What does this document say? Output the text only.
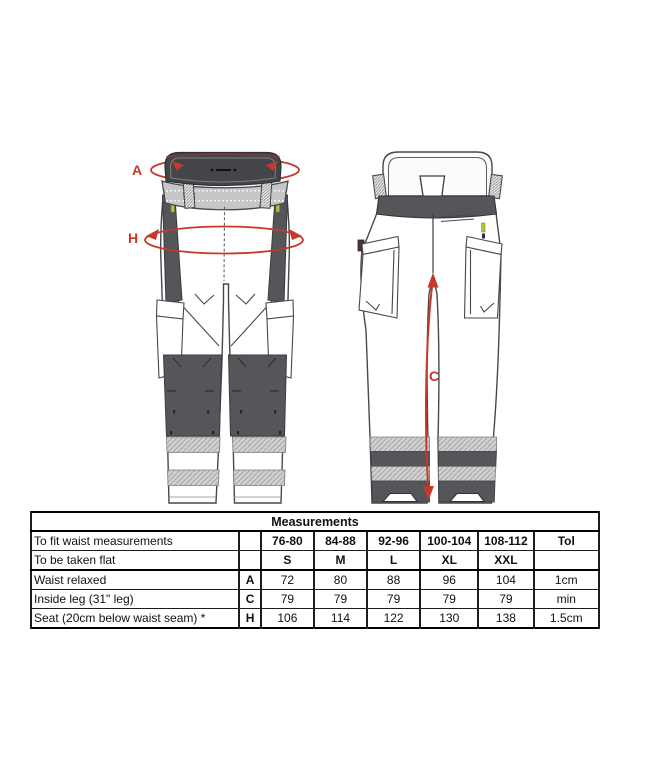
A
H
C
Measurements							
To fit waist measurements		76-80	84-88	92-96	100-104	108-112	Tol
To be taken flat		S	M	L	XL	XXL	
Waist relaxed	A	72	80	88	96	104	1cm
Inside leg (31" leg)	C	79	79	79	79	79	min
Seat (20cm below waist seam) *	H	106	114	122	130	138	1.5cm
